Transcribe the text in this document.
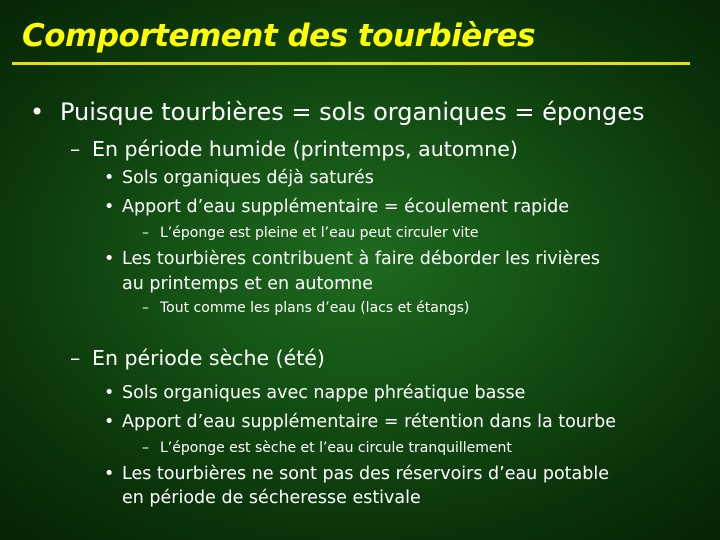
Comportement des tourbières
• Puisque tourbières = sols organiques = éponges
– En période humide (printemps, automne)
• Sols organiques déjà saturés
• Apport d’eau supplémentaire = écoulement rapide
– L’éponge est pleine et l’eau peut circuler vite
• Les tourbières contribuent à faire déborder les rivières
au printemps et en automne
– Tout comme les plans d’eau (lacs et étangs)
– En période sèche (été)
• Sols organiques avec nappe phréatique basse
• Apport d’eau supplémentaire = rétention dans la tourbe
– L’éponge est sèche et l’eau circule tranquillement
• Les tourbières ne sont pas des réservoirs d’eau potable
en période de sécheresse estivale
